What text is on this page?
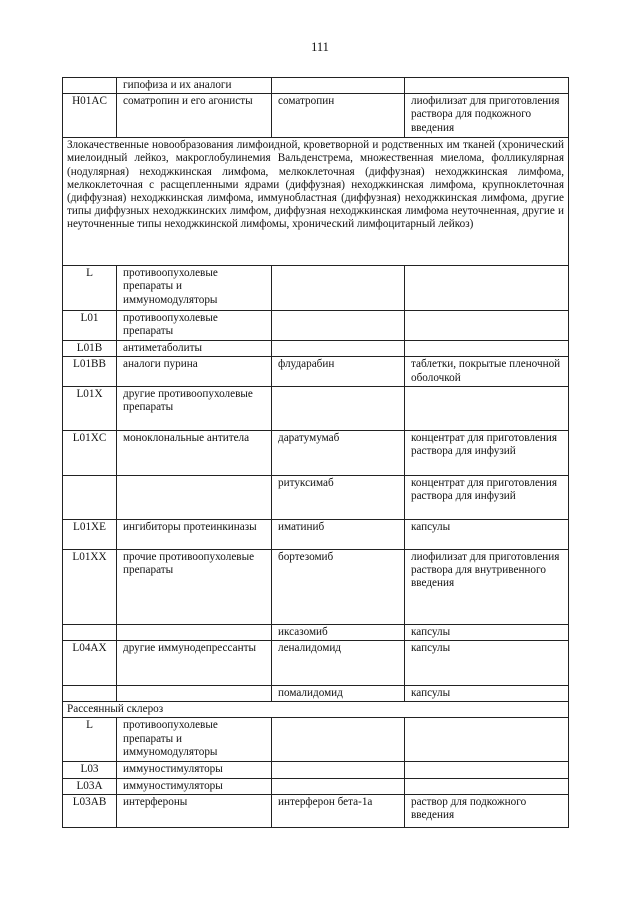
111
	гипофиза и их аналоги		
H01AC	соматропин и его агонисты	соматропин	лиофилизат для приготовления раствора для подкожного введения
Злокачественные новообразования лимфоидной, кроветворной и родственных им тканей (хронический миелоидный лейкоз, макроглобулинемия Вальденстрема, множественная миелома, фолликулярная (нодулярная) неходжкинская лимфома, мелкоклеточная (диффузная) неходжкинская лимфома, мелкоклеточная с расщепленными ядрами (диффузная) неходжкинская лимфома, крупноклеточная (диффузная) неходжкинская лимфома, иммунобластная (диффузная) неходжкинская лимфома, другие типы диффузных неходжкинских лимфом, диффузная неходжкинская лимфома неуточненная, другие и неуточненные типы неходжкинской лимфомы, хронический лимфоцитарный лейкоз)			
L	противоопухолевые препараты и иммуномодуляторы		
L01	противоопухолевые препараты		
L01B	антиметаболиты		
L01BB	аналоги пурина	флударабин	таблетки, покрытые пленочной оболочкой
L01X	другие противоопухолевые препараты		
L01XC	моноклональные антитела	даратумумаб	концентрат для приготовления раствора для инфузий
		ритуксимаб	концентрат для приготовления раствора для инфузий
L01XE	ингибиторы протеинкиназы	иматиниб	капсулы
L01XX	прочие противоопухолевые препараты	бортезомиб	лиофилизат для приготовления раствора для внутривенного введения
		иксазомиб	капсулы
L04AX	другие иммунодепрессанты	леналидомид	капсулы
		помалидомид	капсулы
Рассеянный склероз			
L	противоопухолевые препараты и иммуномодуляторы		
L03	иммуностимуляторы		
L03A	иммуностимуляторы		
L03AB	интерфероны	интерферон бета-1a	раствор для подкожного введения
